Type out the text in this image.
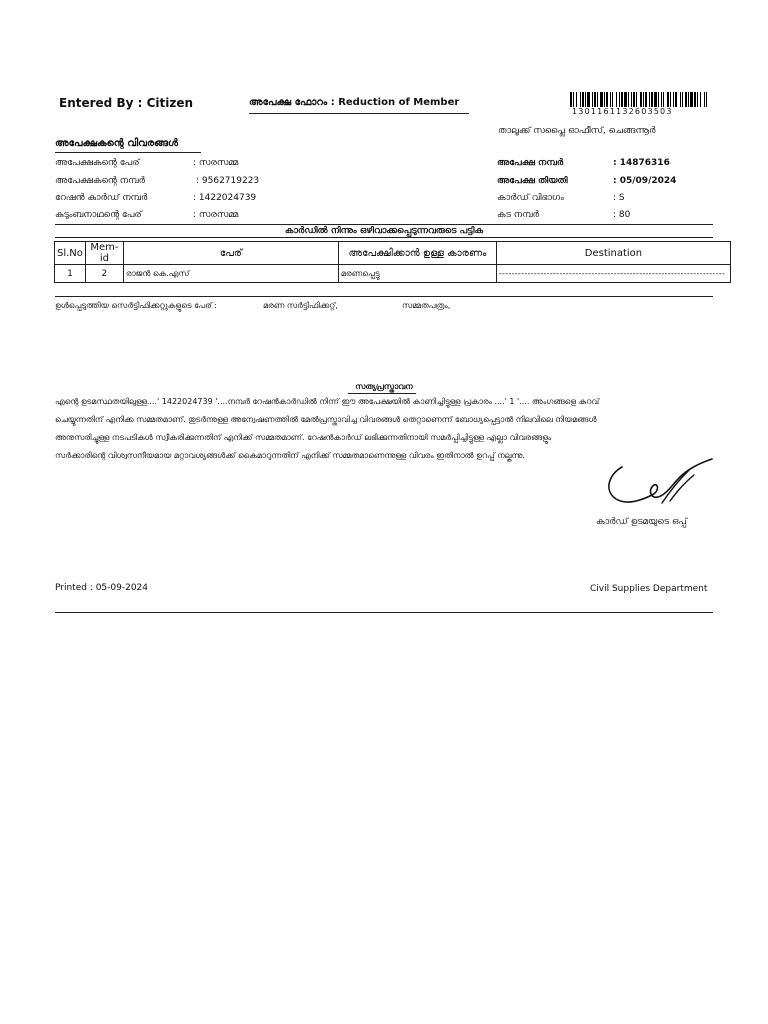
Entered By : Citizen	അപേക്ഷ ഫോറം : Reduction of Member
1301161132603503
താലൂക്ക് സപ്ലൈ ഓഫീസ്, ചെങ്ങന്നൂർ
അപേക്ഷകന്റെ വിവരങ്ങൾ
അപേക്ഷകന്റെ പേര്	: സരസമ്മ
അപേക്ഷകന്റെ നമ്പർ	: 9562719223
റേഷൻ കാർഡ് നമ്പർ	: 1422024739
കുടുംബനാഥന്റെ പേര്	: സരസമ്മ
അപേക്ഷ നമ്പർ	: 14876316
അപേക്ഷ തിയതി	: 05/09/2024
കാർഡ് വിഭാഗം	: S
കട നമ്പർ	: 80
കാർഡിൽ നിന്നും ഒഴിവാക്കപ്പെടുന്നവരുടെ പട്ടിക
Sl.No	Mem-id	പേര്	അപേക്ഷിക്കാൻ ഉള്ള കാരണം	Destination
1	2	രാജൻ കെ.എസ്	മരണപ്പെട്ടു	-----------------------------------------------------------------------
ഉൾപ്പെടുത്തിയ സെർട്ടിഫിക്കറ്റുകളുടെ പേര് :	മരണ സർട്ടിഫിക്കറ്റ്,	സമ്മതപത്രം,
സത്യപ്രസ്താവന
എന്റെ ഉടമസ്ഥതയിലുള്ള....' 1422024739 '....നമ്പർ റേഷൻകാർഡിൽ നിന്ന് ഈ അപേക്ഷയിൽ കാണിച്ചിട്ടുള്ള പ്രകാരം ....' 1 '.... അംഗങ്ങളെ കുറവ്
ചെയ്യുന്നതിന് എനിക്ക സമ്മതമാണ്. തുടർന്നുള്ള അന്വേഷണത്തിൽ മേൽപ്രസ്താവിച്ച വിവരങ്ങൾ തെറ്റാണെന്ന് ബോധ്യപ്പെട്ടാൽ നിലവിലെ നിയമങ്ങൾ
അനുസരിച്ചുള്ള നടപടികൾ സ്വീകരിക്കുന്നതിന് എനിക്ക് സമ്മതമാണ്. റേഷൻകാർഡ് ലഭിക്കുന്നതിനായി സമർപ്പിച്ചിട്ടുള്ള എല്ലാ വിവരങ്ങളും
സർക്കാരിന്റെ വിശ്വസനീയമായ മറ്റാവശ്യങ്ങൾക്ക് കൈമാറുന്നതിന് എനിക്ക് സമ്മതമാണെന്നുള്ള വിവരം ഇതിനാൽ ഉറപ്പ് നല്കുന്നു.
കാർഡ് ഉടമയുടെ ഒപ്പ്
Printed : 05-09-2024	Civil Supplies Department
